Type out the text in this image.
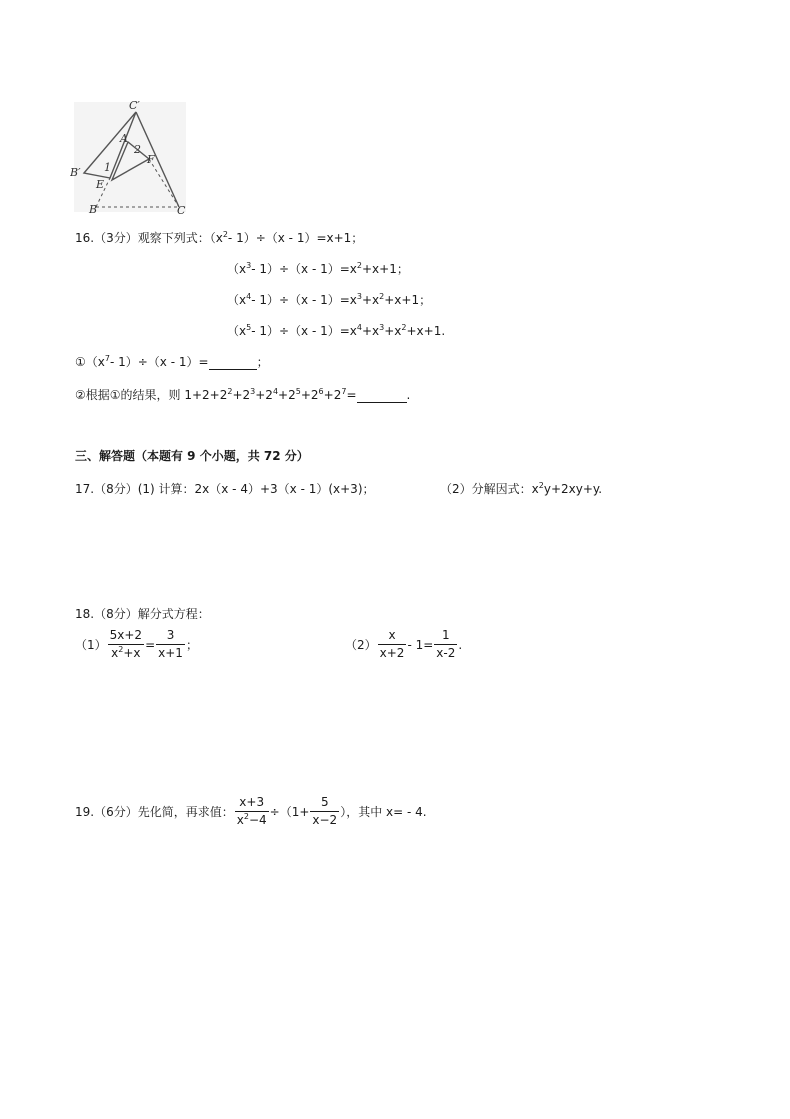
C′
A
2
F
B′ 1
E
B	C
16.（3分）观察下列式：（$x^2-$ 1）÷（x - 1）=x+1；
（$x^3-$ $1)\div(x - 1)=x^2+x+1$；
（$x^4-$ $1)\div(x - 1)=x^3+x^2+x+1$；
（$x^5-$ $1)\div(x - 1)=x^4+x^3+x^2+x+1$.
$①(x^7-$ 1）÷（x - 1）=	；
②根据①的结果，则 $1+2+2^2+2^3+2^4+2^5+2^6+2^7=$	.
三、解答题（本题有 9 个小题，共 72 分）
17.（8分）(1) 计算：2x（x - 4）+3（x - 1）(x+3)；	（2）分解因式：$x^2y+2xy+y$.
18.（8分）解分式方程：
$(1) \frac{5x+2}{x^2+x} = \frac{3}{x+1}$ ；	$(2) \frac{x}{x+2} - 1= \frac{1}{x-2}$ .
19.（6分）先化简，再求值： $\frac{x+3}{x^2-4} \div(1+ \frac{5}{x-2}$ ），其中 x= - 4.
